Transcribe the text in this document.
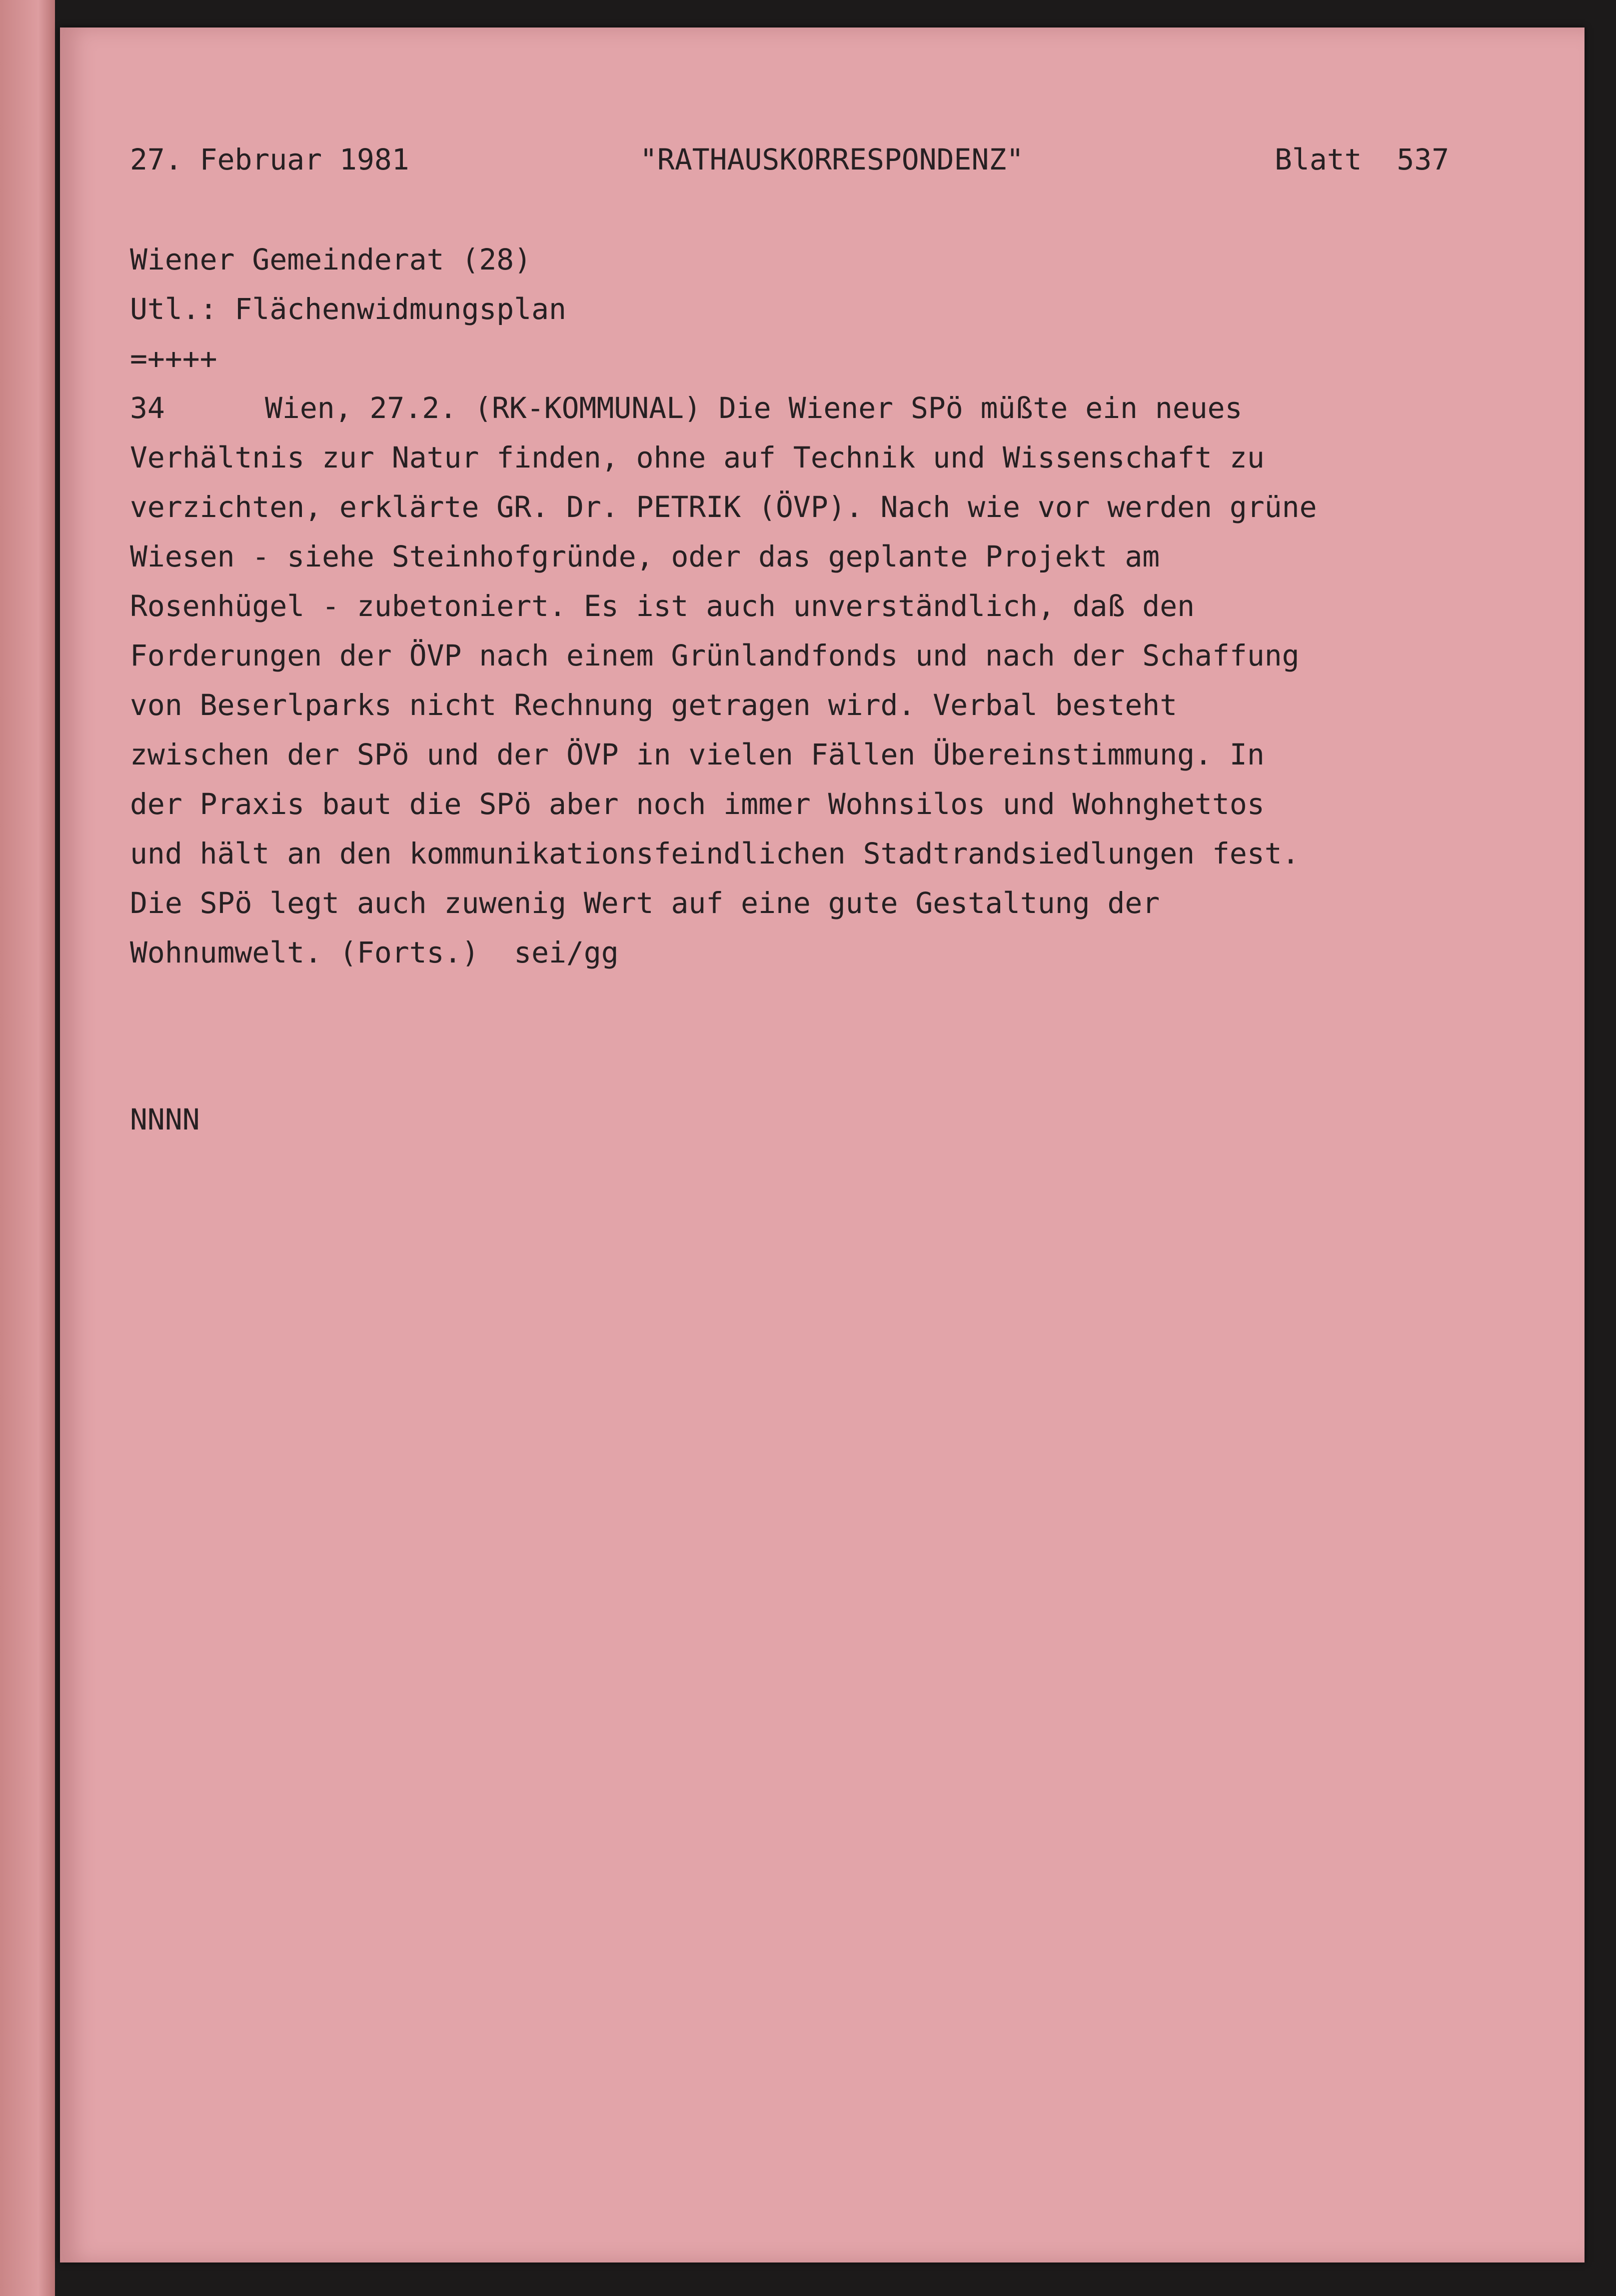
27. Februar 1981	"RATHAUSKORRESPONDENZ"	Blatt  537
Wiener Gemeinderat (28)
Utl.: Flächenwidmungsplan
=++++
34	Wien, 27.2. (RK-KOMMUNAL) Die Wiener SPö müßte ein neues
Verhältnis zur Natur finden, ohne auf Technik und Wissenschaft zu
verzichten, erklärte GR. Dr. PETRIK (ÖVP). Nach wie vor werden grüne
Wiesen - siehe Steinhofgründe, oder das geplante Projekt am
Rosenhügel - zubetoniert. Es ist auch unverständlich, daß den
Forderungen der ÖVP nach einem Grünlandfonds und nach der Schaffung
von Beserlparks nicht Rechnung getragen wird. Verbal besteht
zwischen der SPö und der ÖVP in vielen Fällen Übereinstimmung. In
der Praxis baut die SPö aber noch immer Wohnsilos und Wohnghettos
und hält an den kommunikationsfeindlichen Stadtrandsiedlungen fest.
Die SPö legt auch zuwenig Wert auf eine gute Gestaltung der
Wohnumwelt. (Forts.)  sei/gg
NNNN
